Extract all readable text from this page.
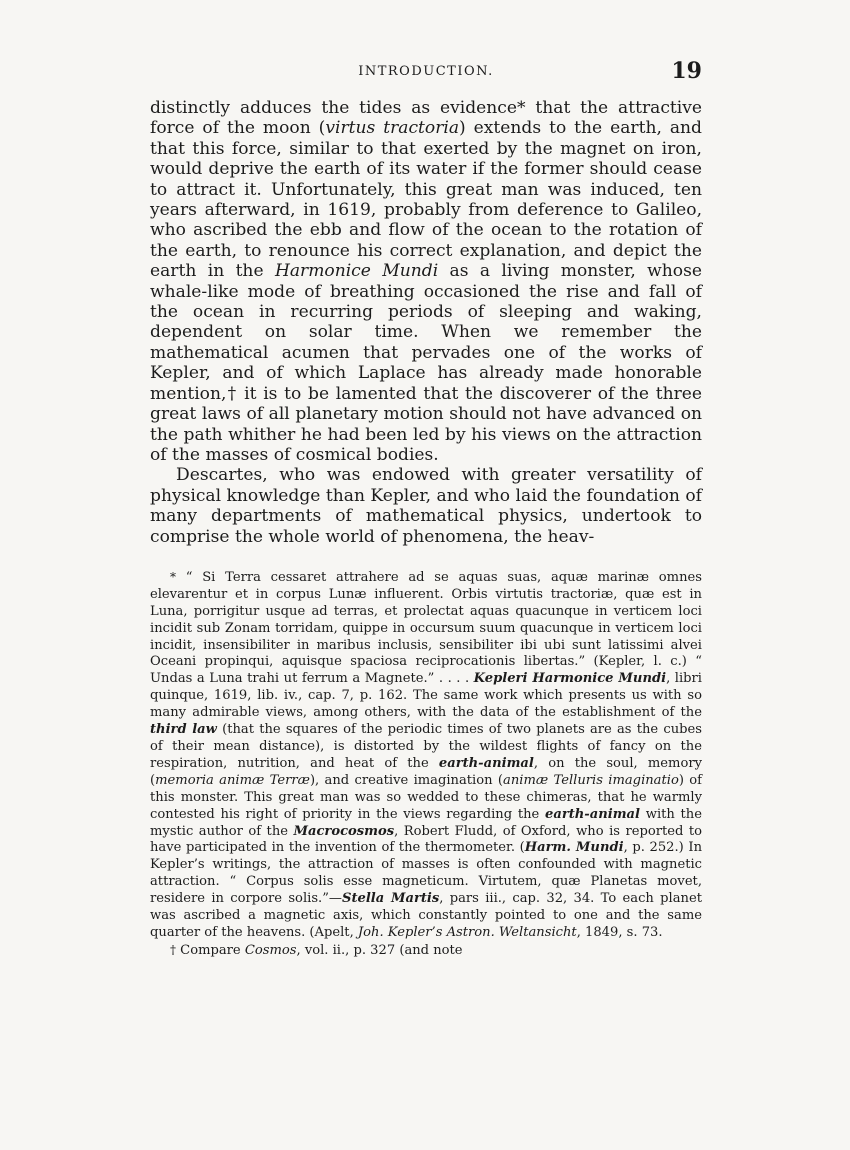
INTRODUCTION.	19

distinctly adduces the tides as evidence* that the attractive force of the moon (virtus tractoria) extends to the earth, and that this force, similar to that exerted by the magnet on iron, would deprive the earth of its water if the former should cease to attract it. Unfortunately, this great man was induced, ten years afterward, in 1619, probably from deference to Galileo, who ascribed the ebb and flow of the ocean to the rotation of the earth, to renounce his correct explanation, and depict the earth in the Harmonice Mundi as a living monster, whose whale-like mode of breathing occasioned the rise and fall of the ocean in recurring periods of sleeping and waking, dependent on solar time. When we remember the mathematical acumen that pervades one of the works of Kepler, and of which Laplace has already made honorable mention,† it is to be lamented that the discoverer of the three great laws of all planetary motion should not have advanced on the path whither he had been led by his views on the attraction of the masses of cosmical bodies.

Descartes, who was endowed with greater versatility of physical knowledge than Kepler, and who laid the foundation of many departments of mathematical physics, undertook to comprise the whole world of phenomena, the heav-

* “ Si Terra cessaret attrahere ad se aquas suas, aquæ marinæ omnes elevarentur et in corpus Lunæ influerent. Orbis virtutis tractoriæ, quæ est in Luna, porrigitur usque ad terras, et prolectat aquas quacunque in verticem loci incidit sub Zonam torridam, quippe in occursum suum quacunque in verticem loci incidit, insensibiliter in maribus inclusis, sensibiliter ibi ubi sunt latissimi alvei Oceani propinqui, aquisque spaciosa reciprocationis libertas.” (Kepler, l. c.) “ Undas a Luna trahi ut ferrum a Magnete.” . . . . Kepleri Harmonice Mundi, libri quinque, 1619, lib. iv., cap. 7, p. 162. The same work which presents us with so many admirable views, among others, with the data of the establishment of the third law (that the squares of the periodic times of two planets are as the cubes of their mean distance), is distorted by the wildest flights of fancy on the respiration, nutrition, and heat of the earth-animal, on the soul, memory (memoria animæ Terræ), and creative imagination (animæ Telluris imaginatio) of this monster. This great man was so wedded to these chimeras, that he warmly contested his right of priority in the views regarding the earth-animal with the mystic author of the Macrocosmos, Robert Fludd, of Oxford, who is reported to have participated in the invention of the thermometer. (Harm. Mundi, p. 252.) In Kepler’s writings, the attraction of masses is often confounded with magnetic attraction. “ Corpus solis esse magneticum. Virtutem, quæ Planetas movet, residere in corpore solis.”—Stella Martis, pars iii., cap. 32, 34. To each planet was ascribed a magnetic axis, which constantly pointed to one and the same quarter of the heavens. (Apelt, Joh. Kepler’s Astron. Weltansicht, 1849, s. 73.

† Compare Cosmos, vol. ii., p. 327 (and note
